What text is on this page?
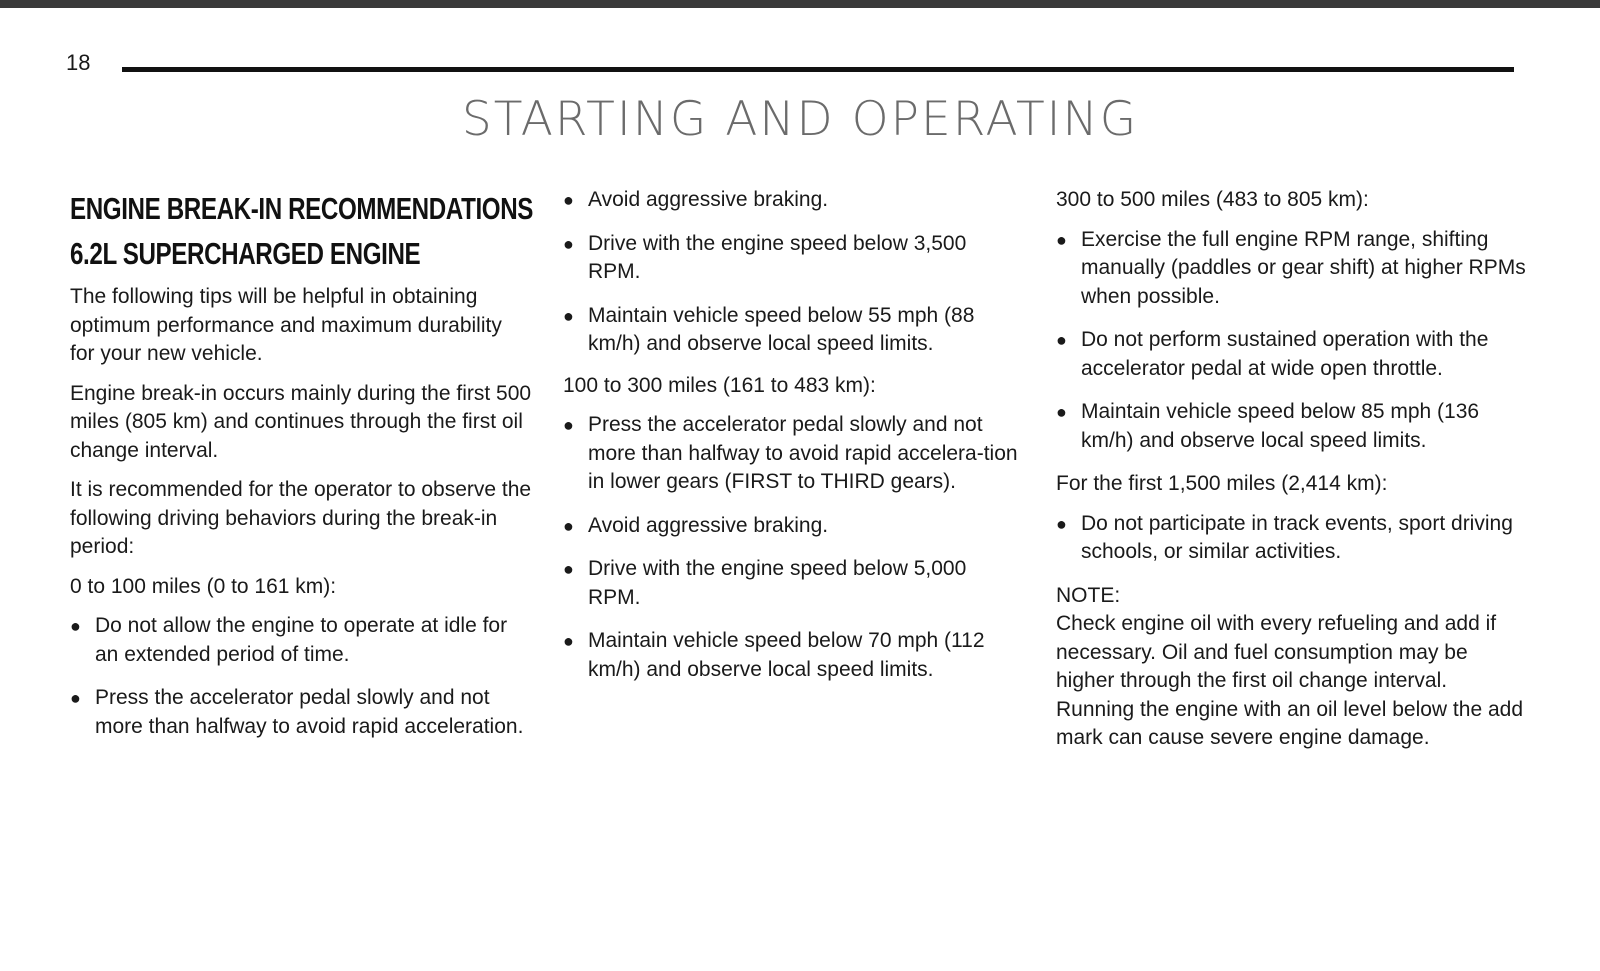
18
STARTING AND OPERATING
ENGINE BREAK-IN RECOMMENDATIONS
6.2L SUPERCHARGED ENGINE

The following tips will be helpful in obtaining optimum performance and maximum durability for your new vehicle.

Engine break-in occurs mainly during the first 500 miles (805 km) and continues through the first oil change interval.

It is recommended for the operator to observe the following driving behaviors during the break-in period:

0 to 100 miles (0 to 161 km):

● Do not allow the engine to operate at idle for an extended period of time.
● Press the accelerator pedal slowly and not more than halfway to avoid rapid acceleration.
● Avoid aggressive braking.
● Drive with the engine speed below 3,500 RPM.
● Maintain vehicle speed below 55 mph (88 km/h) and observe local speed limits.

100 to 300 miles (161 to 483 km):

● Press the accelerator pedal slowly and not more than halfway to avoid rapid accelera-tion in lower gears (FIRST to THIRD gears).
● Avoid aggressive braking.
● Drive with the engine speed below 5,000 RPM.
● Maintain vehicle speed below 70 mph (112 km/h) and observe local speed limits.

300 to 500 miles (483 to 805 km):

● Exercise the full engine RPM range, shifting manually (paddles or gear shift) at higher RPMs when possible.
● Do not perform sustained operation with the accelerator pedal at wide open throttle.
● Maintain vehicle speed below 85 mph (136 km/h) and observe local speed limits.

For the first 1,500 miles (2,414 km):

● Do not participate in track events, sport driving schools, or similar activities.

NOTE:

Check engine oil with every refueling and add if necessary. Oil and fuel consumption may be higher through the first oil change interval. Running the engine with an oil level below the add mark can cause severe engine damage.
